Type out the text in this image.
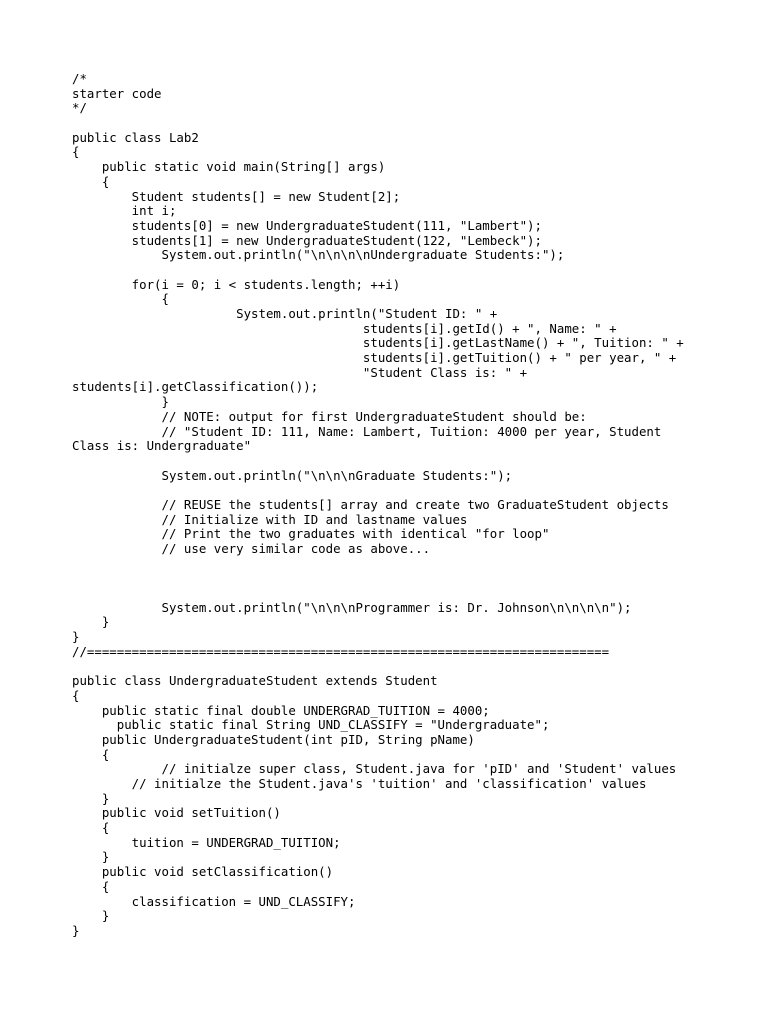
/*
starter code
*/
public class Lab2
{
public static void main(String[] args)
{
Student students[] = new Student[2];
int i;
students[0] = new UndergraduateStudent(111, "Lambert");
students[1] = new UndergraduateStudent(122, "Lembeck");
System.out.println("\n\n\n\nUndergraduate Students:");
for(i = 0; i < students.length; ++i)
{
System.out.println("Student ID: " +
students[i].getId() + ", Name: " +
students[i].getLastName() + ", Tuition: " +
students[i].getTuition() + " per year, " +
"Student Class is: " +
students[i].getClassification());
}
// NOTE: output for first UndergraduateStudent should be:
// "Student ID: 111, Name: Lambert, Tuition: 4000 per year, Student
Class is: Undergraduate"
System.out.println("\n\n\nGraduate Students:");
// REUSE the students[] array and create two GraduateStudent objects
// Initialize with ID and lastname values
// Print the two graduates with identical "for loop"
// use very similar code as above...
System.out.println("\n\n\nProgrammer is: Dr. Johnson\n\n\n\n");
}
}
//======================================================================
public class UndergraduateStudent extends Student
{
public static final double UNDERGRAD_TUITION = 4000;
public static final String UND_CLASSIFY = "Undergraduate";
public UndergraduateStudent(int pID, String pName)
{
// initialze super class, Student.java for 'pID' and 'Student' values
// initialze the Student.java's 'tuition' and 'classification' values
}
public void setTuition()
{
tuition = UNDERGRAD_TUITION;
}
public void setClassification()
{
classification = UND_CLASSIFY;
}
}
